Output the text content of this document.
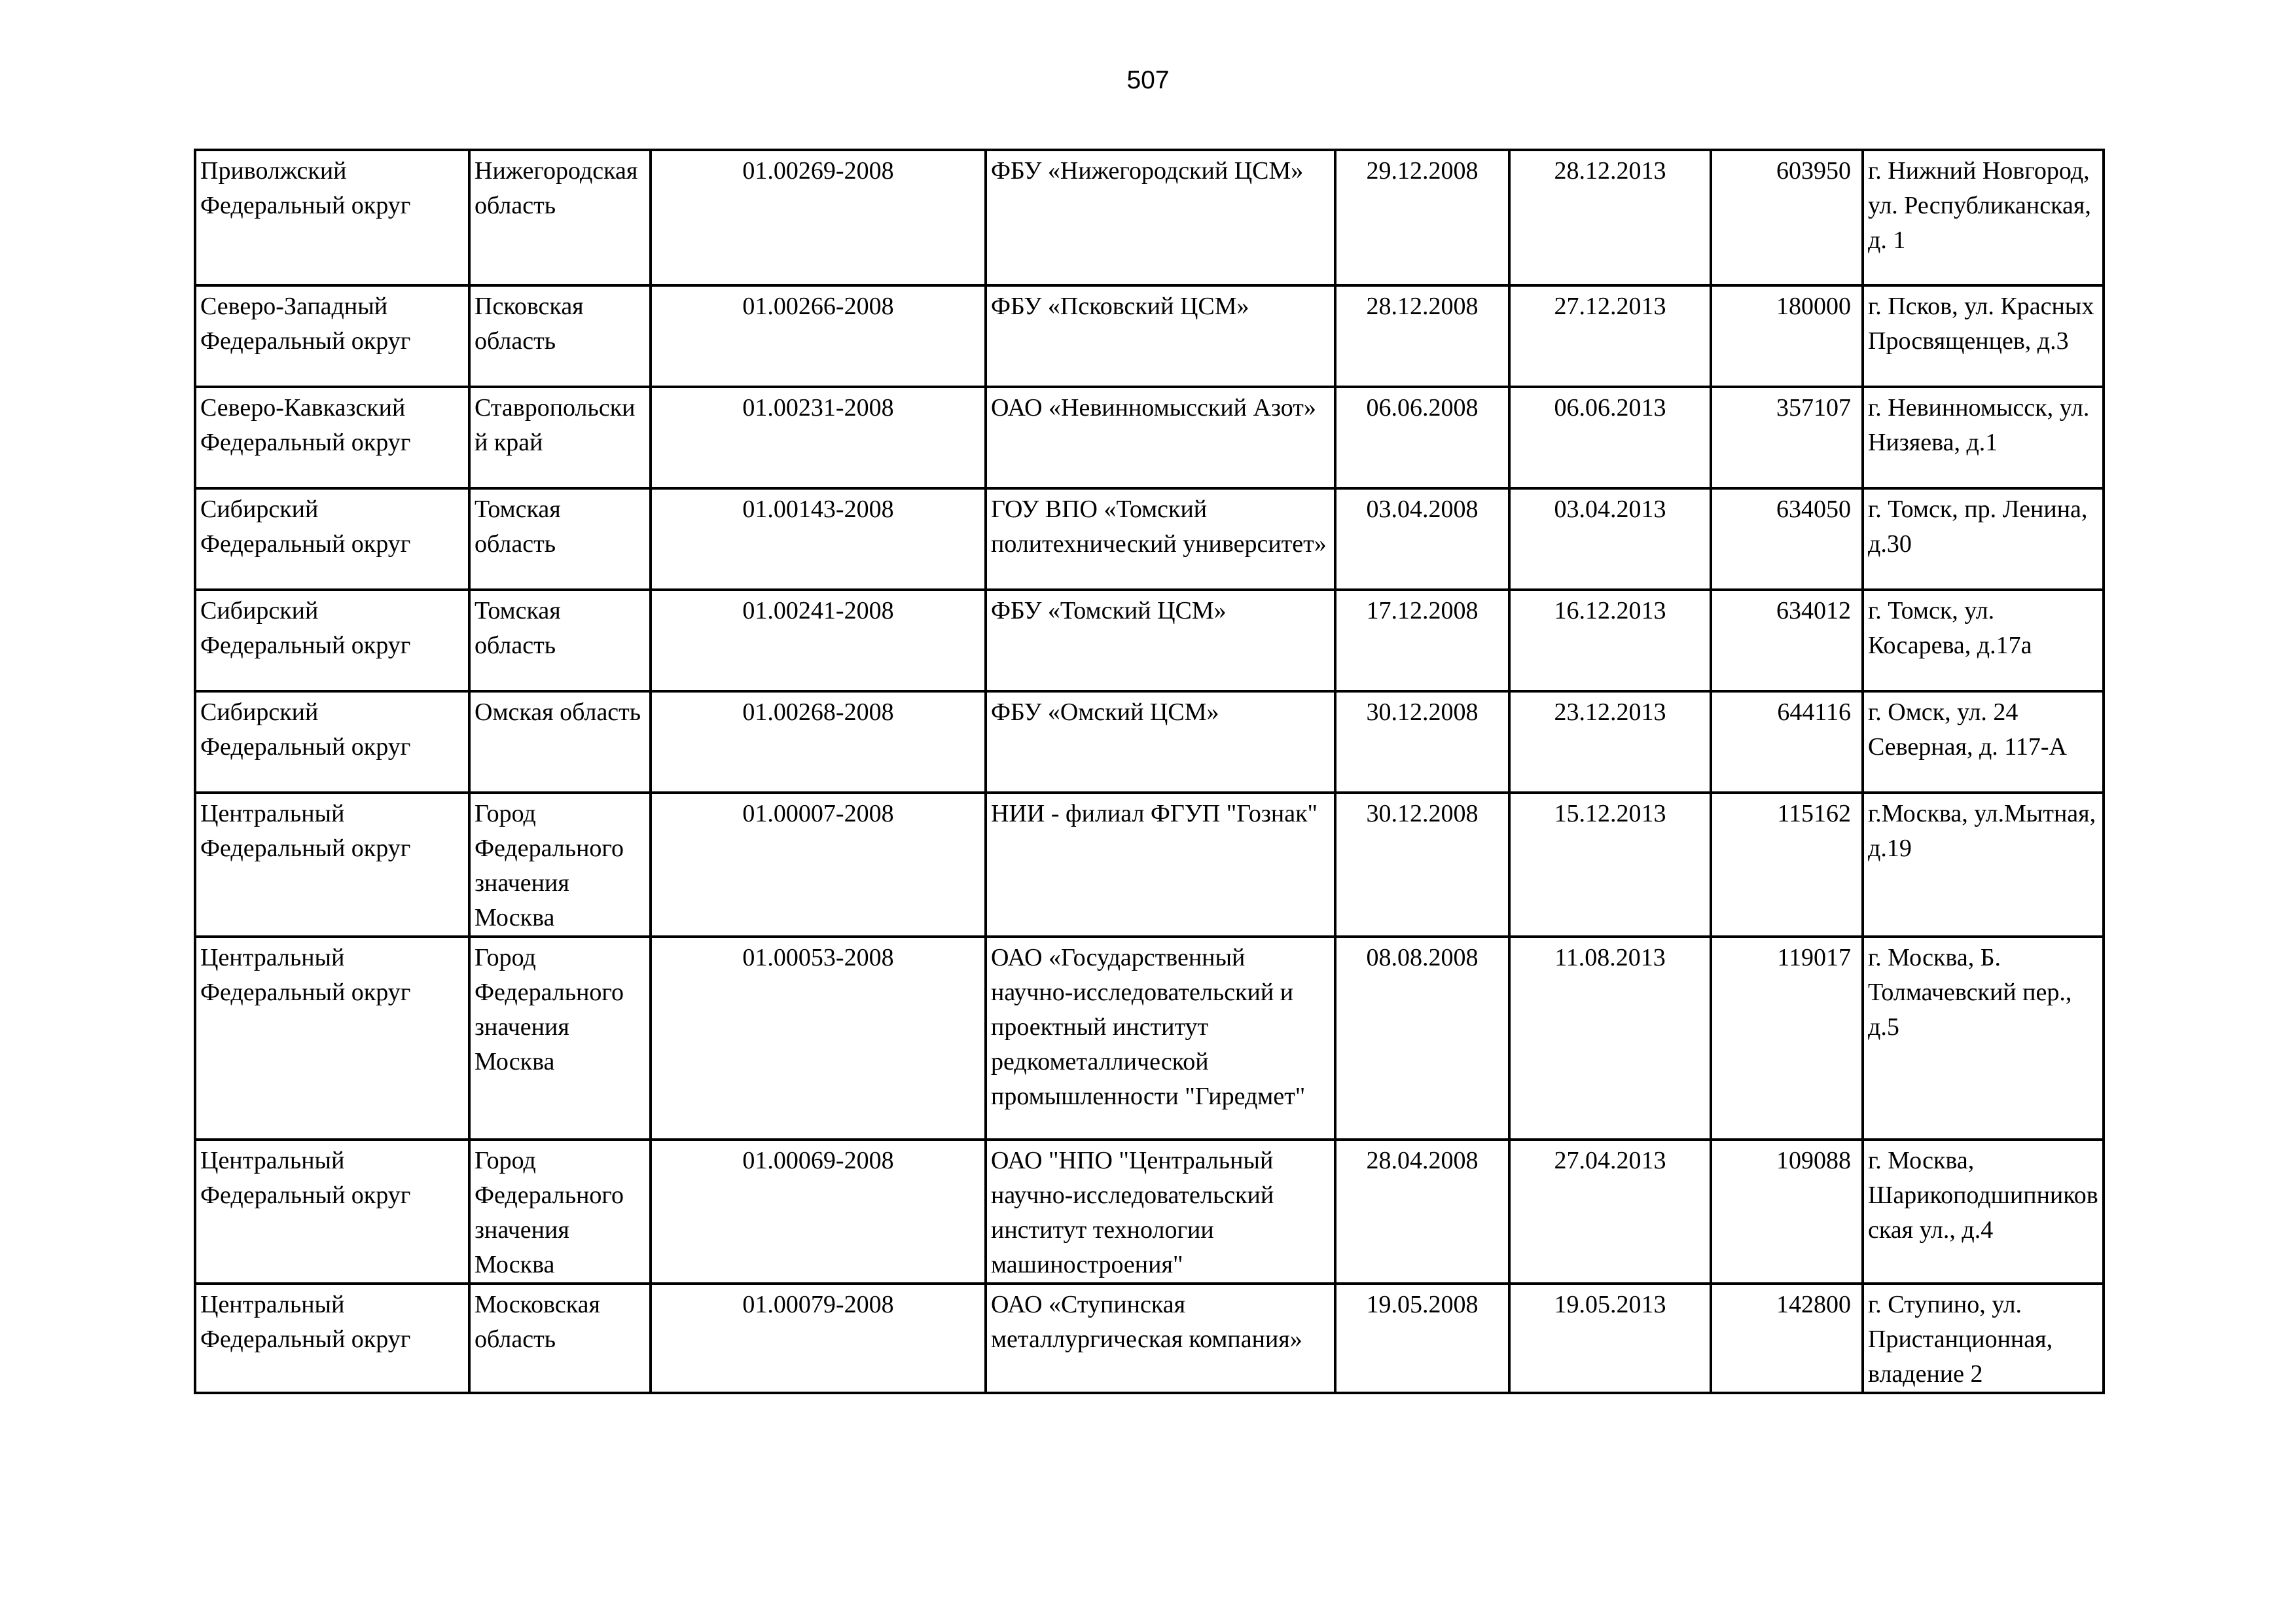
507
Приволжский Федеральный округ	Нижегородская область	01.00269-2008	ФБУ «Нижегородский ЦСМ»	29.12.2008	28.12.2013	603950	г. Нижний Новгород, ул. Республиканская, д. 1

Северо-Западный Федеральный округ	Псковская область	01.00266-2008	ФБУ «Псковский ЦСМ»	28.12.2008	27.12.2013	180000	г. Псков, ул. Красных Просвященцев, д.3

Северо-Кавказский Федеральный округ	Ставропольский край	01.00231-2008	ОАО «Невинномысский Азот»	06.06.2008	06.06.2013	357107	г. Невинномысск, ул. Низяева, д.1

Сибирский Федеральный округ	Томская область	01.00143-2008	ГОУ ВПО «Томский политехнический университет»	03.04.2008	03.04.2013	634050	г. Томск, пр. Ленина, д.30

Сибирский Федеральный округ	Томская область	01.00241-2008	ФБУ «Томский ЦСМ»	17.12.2008	16.12.2013	634012	г. Томск, ул. Косарева, д.17а

Сибирский Федеральный округ	Омская область	01.00268-2008	ФБУ «Омский ЦСМ»	30.12.2008	23.12.2013	644116	г. Омск, ул. 24 Северная, д. 117-А

Центральный Федеральный округ	Город Федерального значения Москва	01.00007-2008	НИИ - филиал ФГУП "Гознак"	30.12.2008	15.12.2013	115162	г.Москва, ул.Мытная, д.19

Центральный Федеральный округ	Город Федерального значения Москва	01.00053-2008	ОАО «Государственный научно-исследовательский и проектный институт редкометаллической промышленности "Гиредмет"	08.08.2008	11.08.2013	119017	г. Москва, Б. Толмачевский пер., д.5

Центральный Федеральный округ	Город Федерального значения Москва	01.00069-2008	ОАО "НПО "Центральный научно-исследовательский институт технологии машиностроения"	28.04.2008	27.04.2013	109088	г. Москва, Шарикоподшипниковская ул., д.4

Центральный Федеральный округ	Московская область	01.00079-2008	ОАО «Ступинская металлургическая компания»	19.05.2008	19.05.2013	142800	г. Ступино, ул. Пристанционная, владение 2
